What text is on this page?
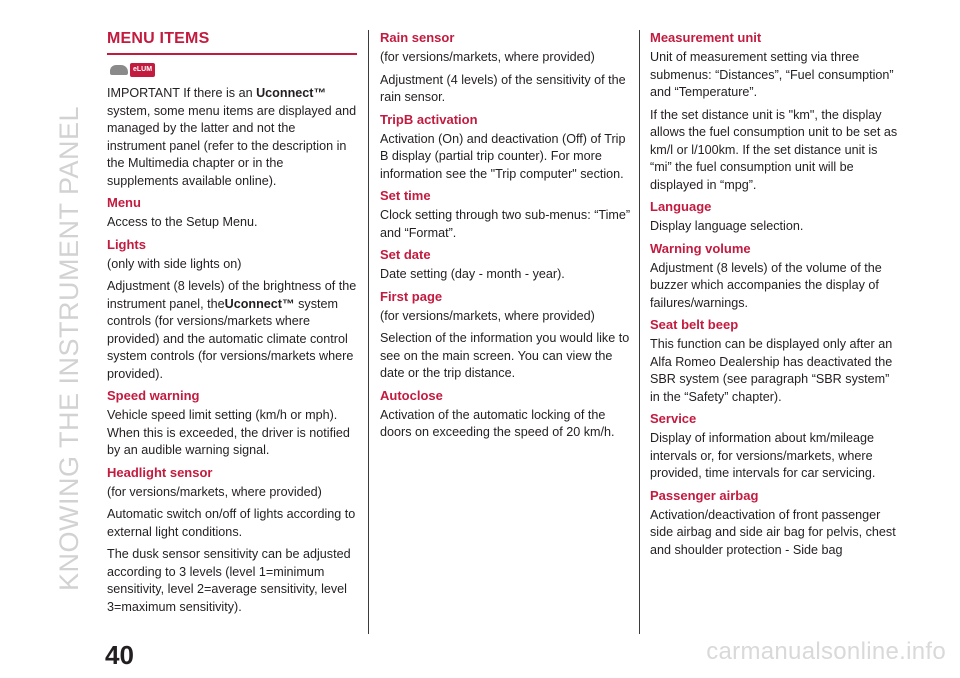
KNOWING THE INSTRUMENT PANEL
MENU ITEMS
eLUM

IMPORTANT If there is an Uconnect™ system, some menu items are displayed and managed by the latter and not the instrument panel (refer to the description in the Multimedia chapter or in the supplements available online).

Menu

Access to the Setup Menu.

Lights

(only with side lights on)

Adjustment (8 levels) of the brightness of the instrument panel, theUconnect™ system controls (for versions/markets where provided) and the automatic climate control system controls (for versions/markets where provided).

Speed warning

Vehicle speed limit setting (km/h or mph). When this is exceeded, the driver is notified by an audible warning signal.

Headlight sensor

(for versions/markets, where provided)

Automatic switch on/off of lights according to external light conditions.

The dusk sensor sensitivity can be adjusted according to 3 levels (level 1=minimum sensitivity, level 2=average sensitivity, level 3=maximum sensitivity).

Rain sensor

(for versions/markets, where provided)

Adjustment (4 levels) of the sensitivity of the rain sensor.

TripB activation

Activation (On) and deactivation (Off) of Trip B display (partial trip counter). For more information see the "Trip computer" section.

Set time

Clock setting through two sub-menus: “Time” and “Format”.

Set date

Date setting (day - month - year).

First page

(for versions/markets, where provided)

Selection of the information you would like to see on the main screen. You can view the date or the trip distance.

Autoclose

Activation of the automatic locking of the doors on exceeding the speed of 20 km/h.

Measurement unit

Unit of measurement setting via three submenus: “Distances”, “Fuel consumption” and “Temperature”.

If the set distance unit is "km", the display allows the fuel consumption unit to be set as km/l or l/100km. If the set distance unit is “mi” the fuel consumption unit will be displayed in “mpg”.

Language

Display language selection.

Warning volume

Adjustment (8 levels) of the volume of the buzzer which accompanies the display of failures/warnings.

Seat belt beep

This function can be displayed only after an Alfa Romeo Dealership has deactivated the SBR system (see paragraph “SBR system” in the “Safety” chapter).

Service

Display of information about km/mileage intervals or, for versions/markets, where provided, time intervals for car servicing.

Passenger airbag

Activation/deactivation of front passenger side airbag and side air bag for pelvis, chest and shoulder protection - Side bag

40	carmanualsonline.info
